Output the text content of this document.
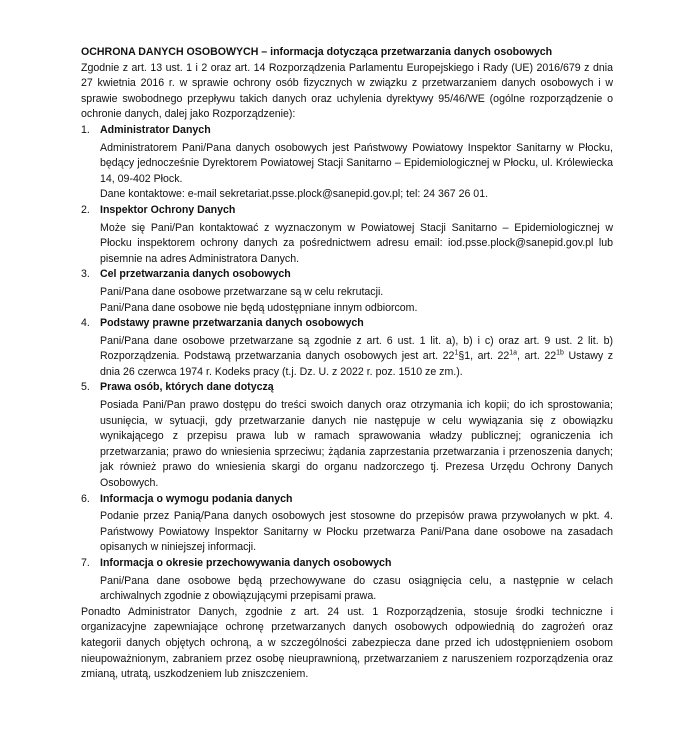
OCHRONA DANYCH OSOBOWYCH – informacja dotycząca przetwarzania danych osobowych
Zgodnie z art. 13 ust. 1 i 2 oraz art. 14 Rozporządzenia Parlamentu Europejskiego i Rady (UE) 2016/679 z dnia 27 kwietnia 2016 r. w sprawie ochrony osób fizycznych w związku z przetwarzaniem danych osobowych i w sprawie swobodnego przepływu takich danych oraz uchylenia dyrektywy 95/46/WE (ogólne rozporządzenie o ochronie danych, dalej jako Rozporządzenie):
1. Administrator Danych
Administratorem Pani/Pana danych osobowych jest Państwowy Powiatowy Inspektor Sanitarny w Płocku, będący jednocześnie Dyrektorem Powiatowej Stacji Sanitarno – Epidemiologicznej w Płocku, ul. Królewiecka 14, 09-402 Płock.
Dane kontaktowe: e-mail sekretariat.psse.plock@sanepid.gov.pl; tel: 24 367 26 01.
2. Inspektor Ochrony Danych
Może się Pani/Pan kontaktować z wyznaczonym w Powiatowej Stacji Sanitarno – Epidemiologicznej w Płocku inspektorem ochrony danych za pośrednictwem adresu email: iod.psse.plock@sanepid.gov.pl lub pisemnie na adres Administratora Danych.
3. Cel przetwarzania danych osobowych
Pani/Pana dane osobowe przetwarzane są w celu rekrutacji.
Pani/Pana dane osobowe nie będą udostępniane innym odbiorcom.
4. Podstawy prawne przetwarzania danych osobowych
Pani/Pana dane osobowe przetwarzane są zgodnie z art. 6 ust. 1 lit. a), b) i c) oraz art. 9 ust. 2 lit. b) Rozporządzenia. Podstawą przetwarzania danych osobowych jest art. $22^1\S 1$, art. $22^{1a}$, art. $22^{1b}$ Ustawy z dnia 26 czerwca 1974 r. Kodeks pracy (t.j. Dz. U. z 2022 r. poz. 1510 ze zm.).
5. Prawa osób, których dane dotyczą
Posiada Pani/Pan prawo dostępu do treści swoich danych oraz otrzymania ich kopii; do ich sprostowania; usunięcia, w sytuacji, gdy przetwarzanie danych nie następuje w celu wywiązania się z obowiązku wynikającego z przepisu prawa lub w ramach sprawowania władzy publicznej; ograniczenia ich przetwarzania; prawo do wniesienia sprzeciwu; żądania zaprzestania przetwarzania i przenoszenia danych; jak również prawo do wniesienia skargi do organu nadzorczego tj. Prezesa Urzędu Ochrony Danych Osobowych.
6. Informacja o wymogu podania danych
Podanie przez Panią/Pana danych osobowych jest stosowne do przepisów prawa przywołanych w pkt. 4. Państwowy Powiatowy Inspektor Sanitarny w Płocku przetwarza Pani/Pana dane osobowe na zasadach opisanych w niniejszej informacji.
7. Informacja o okresie przechowywania danych osobowych
Pani/Pana dane osobowe będą przechowywane do czasu osiągnięcia celu, a następnie w celach archiwalnych zgodnie z obowiązującymi przepisami prawa.
Ponadto Administrator Danych, zgodnie z art. 24 ust. 1 Rozporządzenia, stosuje środki techniczne i organizacyjne zapewniające ochronę przetwarzanych danych osobowych odpowiednią do zagrożeń oraz kategorii danych objętych ochroną, a w szczególności zabezpiecza dane przed ich udostępnieniem osobom nieupoważnionym, zabraniem przez osobę nieuprawnioną, przetwarzaniem z naruszeniem rozporządzenia oraz zmianą, utratą, uszkodzeniem lub zniszczeniem.
